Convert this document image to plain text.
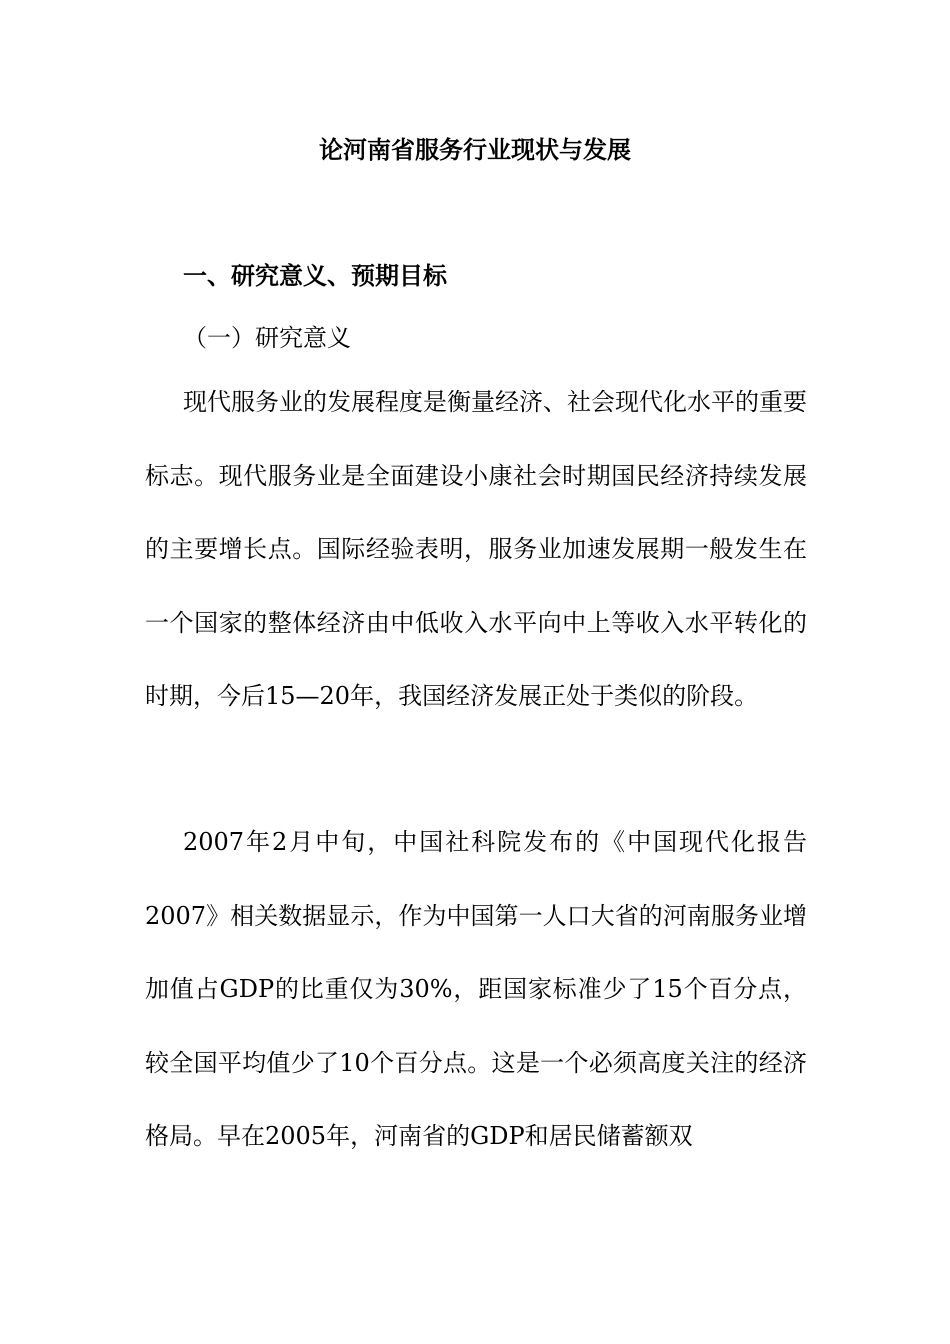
论河南省服务行业现状与发展
一、研究意义、预期目标
（一）研究意义

现代服务业的发展程度是衡量经济、社会现代化水平的重要标志。现代服务业是全面建设小康社会时期国民经济持续发展的主要增长点。国际经验表明，服务业加速发展期一般发生在一个国家的整体经济由中低收入水平向中上等收入水平转化的时期，今后15—20年，我国经济发展正处于类似的阶段。

2007年2月中旬，中国社科院发布的《中国现代化报告2007》相关数据显示，作为中国第一人口大省的河南服务业增加值占GDP的比重仅为30%，距国家标准少了15个百分点，较全国平均值少了10个百分点。这是一个必须高度关注的经济格局。早在2005年，河南省的GDP和居民储蓄额双
